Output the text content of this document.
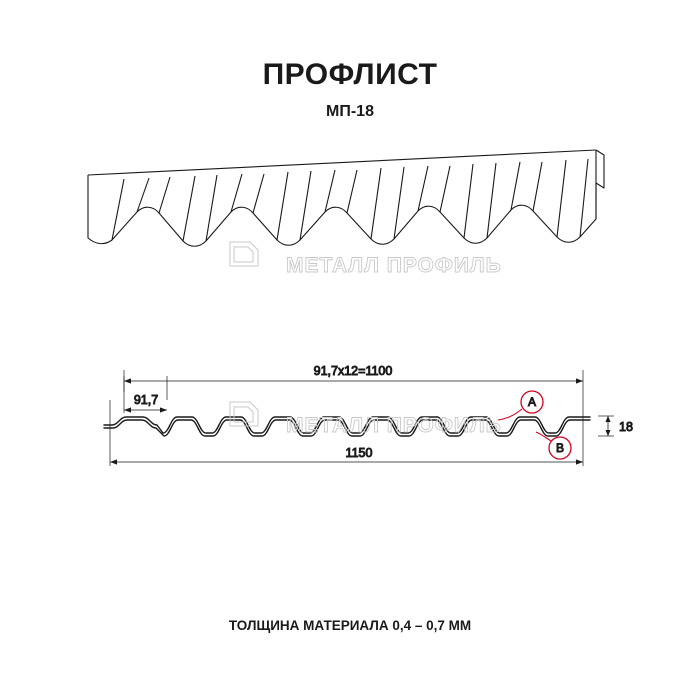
ПРОФЛИСТ
МП-18
МЕТАЛЛ ПРОФИЛЬ
A
B
91,7x12=1100
91,7
1150
18
МЕТАЛЛ ПРОФИЛЬ
ТОЛЩИНА МАТЕРИАЛА 0,4 – 0,7 ММ
